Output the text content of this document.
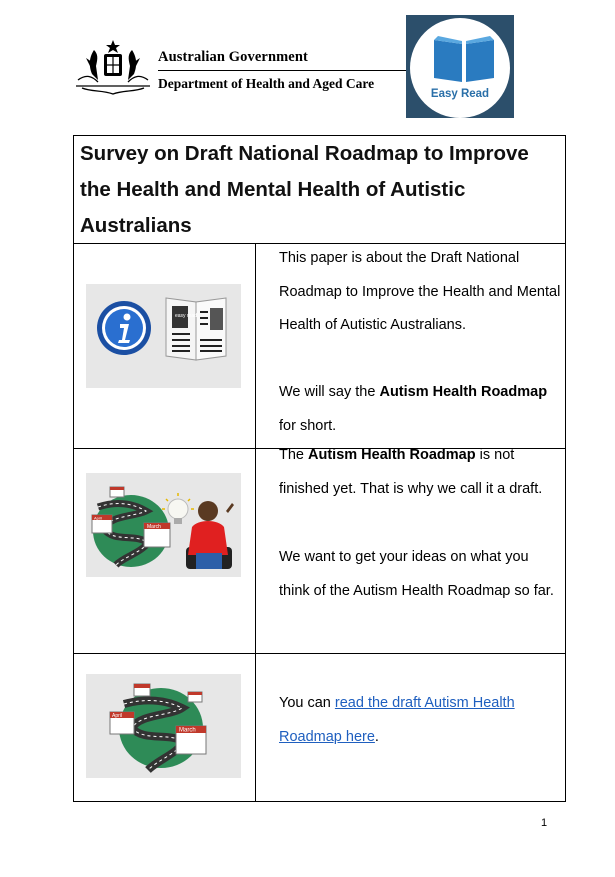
Australian Government
Department of Health and Aged Care
Easy Read
Survey on Draft National Roadmap to Improve the Health and Mental Health of Autistic Australians
easy read

This paper is about the Draft National Roadmap to Improve the Health and Mental Health of Autistic Australians.

We will say the Autism Health Roadmap for short.

April
March

The Autism Health Roadmap is not finished yet. That is why we call it a draft.

We want to get your ideas on what you think of the Autism Health Roadmap so far.

April
March

You can read the draft Autism Health Roadmap here.

1
